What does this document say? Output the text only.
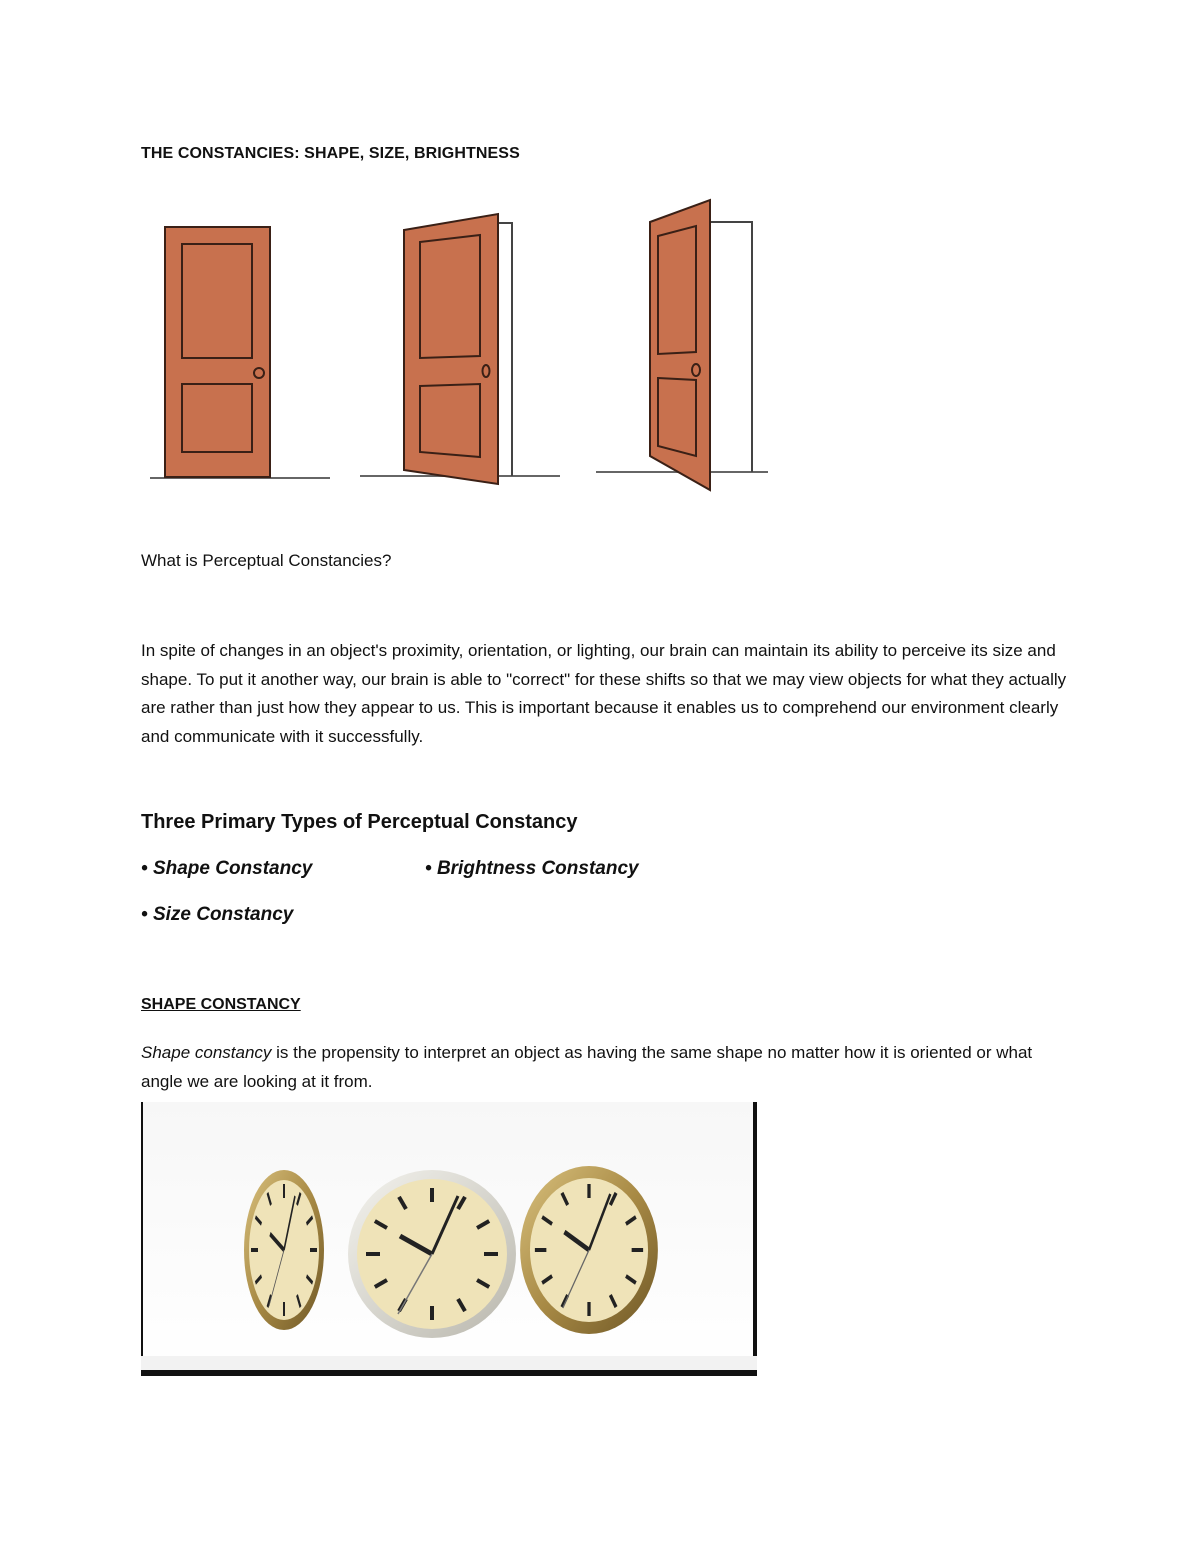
THE CONSTANCIES: SHAPE, SIZE, BRIGHTNESS
What is Perceptual Constancies?
In spite of changes in an object's proximity, orientation, or lighting, our brain can maintain its ability to perceive its size and shape. To put it another way, our brain is able to "correct" for these shifts so that we may view objects for what they actually are rather than just how they appear to us. This is important because it enables us to comprehend our environment clearly and communicate with it successfully.
Three Primary Types of Perceptual Constancy
• Shape Constancy	• Brightness Constancy
• Size Constancy
SHAPE CONSTANCY
Shape constancy is the propensity to interpret an object as having the same shape no matter how it is oriented or what angle we are looking at it from.
